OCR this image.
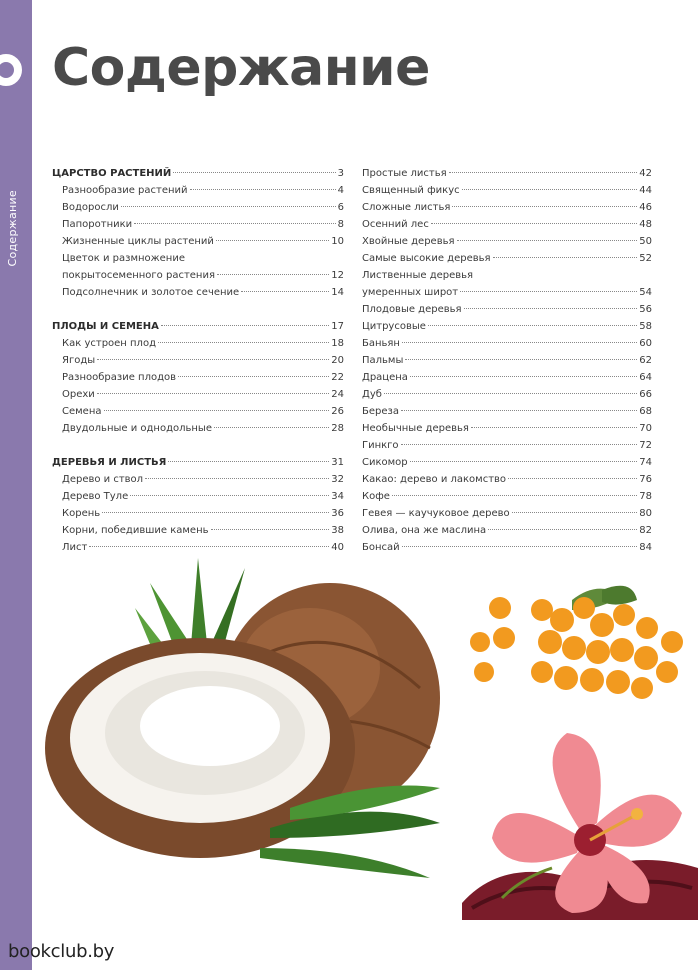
Содержание
Содержание
ЦАРСТВО РАСТЕНИЙ	3
Разнообразие растений	4
Водоросли	6
Папоротники	8
Жизненные циклы растений	10
Цветок и размножение
покрытосеменного растения	12
Подсолнечник и золотое сечение	14
ПЛОДЫ И СЕМЕНА	17
Как устроен плод	18
Ягоды	20
Разнообразие плодов	22
Орехи	24
Семена	26
Двудольные и однодольные	28
ДЕРЕВЬЯ И ЛИСТЬЯ	31
Дерево и ствол	32
Дерево Туле	34
Корень	36
Корни, победившие камень	38
Лист	40
Простые листья	42
Священный фикус	44
Сложные листья	46
Осенний лес	48
Хвойные деревья	50
Самые высокие деревья	52
Лиственные деревья
умеренных широт	54
Плодовые деревья	56
Цитрусовые	58
Баньян	60
Пальмы	62
Драцена	64
Дуб	66
Береза	68
Необычные деревья	70
Гинкго	72
Сикомор	74
Какао: дерево и лакомство	76
Кофе	78
Гевея — каучуковое дерево	80
Олива, она же маслина	82
Бонсай	84
bookclub.by
